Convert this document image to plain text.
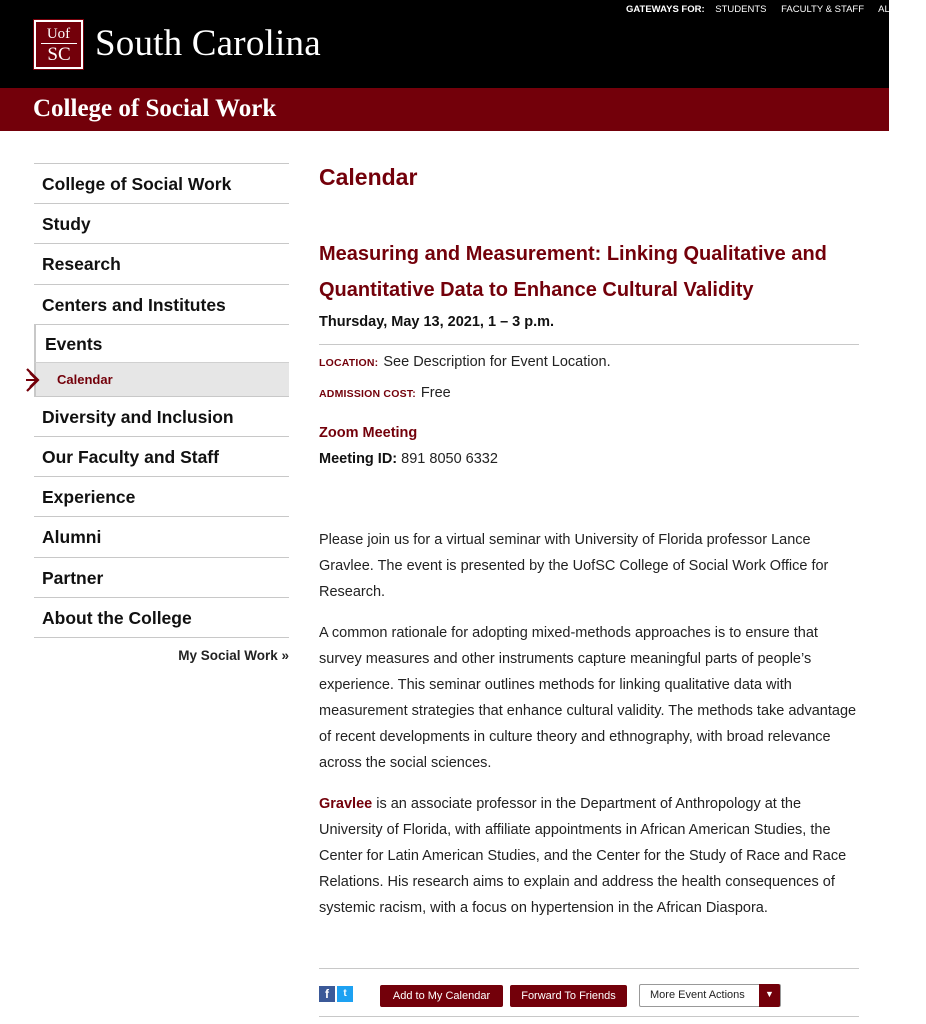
Uof
SC South Carolina
GATEWAYS FOR: STUDENTS FACULTY & STAFF ALUMNI
College of Social Work
College of Social Work
Study
Research
Centers and Institutes
Events
Calendar
Diversity and Inclusion
Our Faculty and Staff
Experience
Alumni
Partner
About the College
My Social Work »
Calendar
Measuring and Measurement: Linking Qualitative and Quantitative Data to Enhance Cultural Validity
Thursday, May 13, 2021, 1 – 3 p.m.
LOCATION: See Description for Event Location.
ADMISSION COST: Free
Zoom Meeting
Meeting ID: 891 8050 6332

Please join us for a virtual seminar with University of Florida professor Lance Gravlee. The event is presented by the UofSC College of Social Work Office for Research.

A common rationale for adopting mixed-methods approaches is to ensure that survey measures and other instruments capture meaningful parts of people’s experience. This seminar outlines methods for linking qualitative data with measurement strategies that enhance cultural validity. The methods take advantage of recent developments in culture theory and ethnography, with broad relevance across the social sciences.

Gravlee is an associate professor in the Department of Anthropology at the University of Florida, with affiliate appointments in African American Studies, the Center for Latin American Studies, and the Center for the Study of Race and Race Relations. His research aims to explain and address the health consequences of systemic racism, with a focus on hypertension in the African Diaspora.

f	t	Add to My Calendar	Forward To Friends	More Event Actions	▼
